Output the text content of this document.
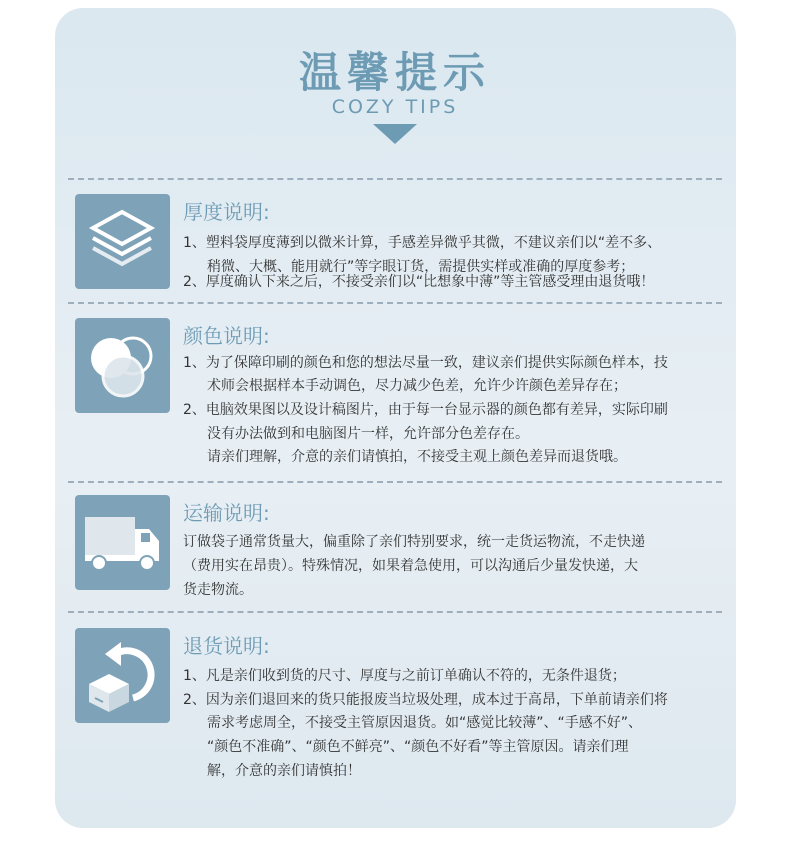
温馨提示
COZY TIPS
厚度说明:

1、塑料袋厚度薄到以微米计算，手感差异微乎其微，不建议亲们以“差不多、

稍微、大概、能用就行”等字眼订货，需提供实样或准确的厚度参考；

2、厚度确认下来之后，不接受亲们以“比想象中薄”等主管感受理由退货哦！

颜色说明:

1、为了保障印刷的颜色和您的想法尽量一致，建议亲们提供实际颜色样本，技

术师会根据样本手动调色，尽力减少色差，允许少许颜色差异存在；

2、电脑效果图以及设计稿图片，由于每一台显示器的颜色都有差异，实际印刷

没有办法做到和电脑图片一样，允许部分色差存在。

请亲们理解，介意的亲们请慎拍，不接受主观上颜色差异而退货哦。

运输说明:

订做袋子通常货量大，偏重除了亲们特别要求，统一走货运物流，不走快递

（费用实在昂贵）。特殊情况，如果着急使用，可以沟通后少量发快递，大

货走物流。

退货说明:

1、凡是亲们收到货的尺寸、厚度与之前订单确认不符的，无条件退货；

2、因为亲们退回来的货只能报废当垃圾处理，成本过于高昂，下单前请亲们将

需求考虑周全，不接受主管原因退货。如“感觉比较薄”、“手感不好”、

“颜色不准确”、“颜色不鲜亮”、“颜色不好看”等主管原因。请亲们理

解，介意的亲们请慎拍！
